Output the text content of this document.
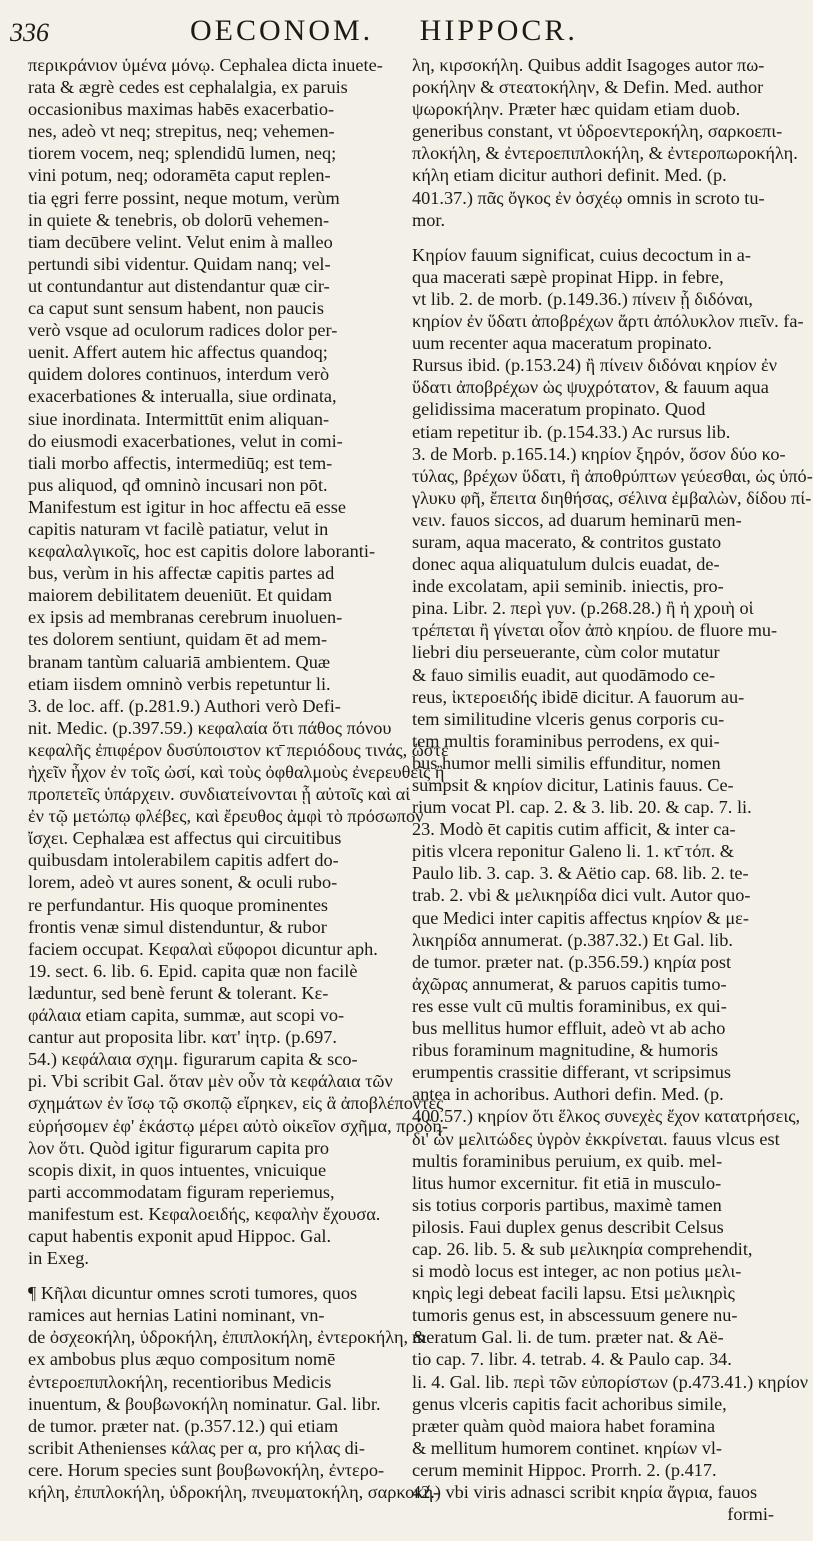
336	OECONOM. HIPPOCR.
περικράνιον ὑμένα μόνῳ. Cephalea dicta inuete-
rata & ægrè cedes est cephalalgia, ex paruis
occasionibus maximas habēs exacerbatio-
nes, adeò vt neq; strepitus, neq; vehemen-
tiorem vocem, neq; splendidū lumen, neq;
vini potum, neq; odoramēta caput replen-
tia ęgri ferre possint, neque motum, verùm
in quiete & tenebris, ob dolorū vehemen-
tiam decūbere velint. Velut enim à malleo
pertundi sibi videntur. Quidam nanq; vel-
ut contundantur aut distendantur quæ cir-
ca caput sunt sensum habent, non paucis
verò vsque ad oculorum radices dolor per-
uenit. Affert autem hic affectus quandoq;
quidem dolores continuos, interdum verò
exacerbationes & interualla, siue ordinata,
siue inordinata. Intermittūt enim aliquan-
do eiusmodi exacerbationes, velut in comi-
tiali morbo affectis, intermediūq; est tem-
pus aliquod, qđ omninò incusari non pōt.
Manifestum est igitur in hoc affectu eā esse
capitis naturam vt facilè patiatur, velut in
κεφαλαλγικοῖς, hoc est capitis dolore laboranti-
bus, verùm in his affectæ capitis partes ad
maiorem debilitatem deueniūt. Et quidam
ex ipsis ad membranas cerebrum inuoluen-
tes dolorem sentiunt, quidam ēt ad mem-
branam tantùm caluariā ambientem. Quæ
etiam iisdem omninò verbis repetuntur li.
3. de loc. aff. (p.281.9.) Authori verò Defi-
nit. Medic. (p.397.59.) κεφαλαία ὅτι πάθος πόνου
κεφαλῆς ἐπιφέρον δυσύποιστον κτ̄ περιόδους τινάς, ὥστε
ἠχεῖν ἦχον ἐν τοῖς ὠσί, καὶ τοὺς ὀφθαλμοὺς ἐνερευθεῖς ἢ
προπετεῖς ὑπάρχειν. συνδιατείνονται ᾗ αὐτοῖς καὶ αἱ
ἐν τῷ μετώπῳ φλέβες, καὶ ἔρευθος ἀμφὶ τὸ πρόσωπον
ἴσχει. Cephalæa est affectus qui circuitibus
quibusdam intolerabilem capitis adfert do-
lorem, adeò vt aures sonent, & oculi rubo-
re perfundantur. His quoque prominentes
frontis venæ simul distenduntur, & rubor
faciem occupat. Κεφαλαὶ εὔφοροι dicuntur aph.
19. sect. 6. lib. 6. Epid. capita quæ non facilè
læduntur, sed benè ferunt & tolerant. Κε-
φάλαια etiam capita, summæ, aut scopi vo-
cantur aut proposita libr. κατ' ἰητρ. (p.697.
54.) κεφάλαια σχημ. figurarum capita & sco-
pi. Vbi scribit Gal. ὅταν μὲν οὖν τὰ κεφάλαια τῶν
σχημάτων ἐν ἴσῳ τῷ σκοπῷ εἴρηκεν, εἰς ἃ ἀποβλέποντες
εὑρήσομεν ἐφ' ἑκάστῳ μέρει αὐτὸ οἰκεῖον σχῆμα, πρόδη-
λον ὅτι. Quòd igitur figurarum capita pro
scopis dixit, in quos intuentes, vnicuique
parti accommodatam figuram reperiemus,
manifestum est. Κεφαλοειδής, κεφαλὴν ἔχουσα.
caput habentis exponit apud Hippoc. Gal.
in Exeg.
¶ Κῆλαι dicuntur omnes scroti tumores, quos
ramices aut hernias Latini nominant, vn-
de ὀσχεοκήλη, ὑδροκήλη, ἐπιπλοκήλη, ἐντεροκήλη, &
ex ambobus plus æquo compositum nomē
ἐντεροεπιπλοκήλη, recentioribus Medicis
inuentum, & βουβωνοκήλη nominatur. Gal. libr.
de tumor. præter nat. (p.357.12.) qui etiam
scribit Athenienses κάλας per α, pro κήλας di-
cere. Horum species sunt βουβωνοκήλη, ἐντερο-
κήλη, ἐπιπλοκήλη, ὑδροκήλη, πνευματοκήλη, σαρκοκή-
λη, κιρσοκήλη. Quibus addit Isagoges autor πω-
ροκήλην & στεατοκήλην, & Defin. Med. author
ψωροκήλην. Præter hæc quidam etiam duob.
generibus constant, vt ὑδροεντεροκήλη, σαρκοεπι-
πλοκήλη, & ἐντεροεπιπλοκήλη, & ἐντεροπωροκήλη.
κήλη etiam dicitur authori definit. Med. (p.
401.37.) πᾶς ὄγκος ἐν ὀσχέῳ omnis in scroto tu-
mor.
Κηρίον fauum significat, cuius decoctum in a-
qua macerati sæpè propinat Hipp. in febre,
vt lib. 2. de morb. (p.149.36.) πίνειν ᾗ διδόναι,
κηρίον ἐν ὕδατι ἀποβρέχων ἄρτι ἀπόλυκλον πιεῖν. fa-
uum recenter aqua maceratum propinato.
Rursus ibid. (p.153.24) ἢ πίνειν διδόναι κηρίον ἐν
ὕδατι ἀποβρέχων ὡς ψυχρότατον, & fauum aqua
gelidissima maceratum propinato. Quod
etiam repetitur ib. (p.154.33.) Ac rursus lib.
3. de Morb. p.165.14.) κηρίον ξηρόν, ὅσον δύο κο-
τύλας, βρέχων ὕδατι, ἢ ἀποθρύπτων γεύεσθαι, ὡς ὑπό-
γλυκυ φῆ, ἔπειτα διηθήσας, σέλινα ἐμβαλὼν, δίδου πί-
νειν. fauos siccos, ad duarum heminarū men-
suram, aqua macerato, & contritos gustato
donec aqua aliquatulum dulcis euadat, de-
inde excolatam, apii seminib. iniectis, pro-
pina. Libr. 2. περὶ γυν. (p.268.28.) ἢ ἡ χροιὴ οἱ
τρέπεται ἢ γίνεται οἷον ἀπὸ κηρίου. de fluore mu-
liebri diu perseuerante, cùm color mutatur
& fauo similis euadit, aut quodāmodo ce-
reus, ἰκτεροειδής ibidē dicitur. A fauorum au-
tem similitudine vlceris genus corporis cu-
tem multis foraminibus perrodens, ex qui-
bus humor melli similis effunditur, nomen
sumpsit & κηρίον dicitur, Latinis fauus. Ce-
rium vocat Pl. cap. 2. & 3. lib. 20. & cap. 7. li.
23. Modò ēt capitis cutim afficit, & inter ca-
pitis vlcera reponitur Galeno li. 1. κτ̄ τόπ. &
Paulo lib. 3. cap. 3. & Aëtio cap. 68. lib. 2. te-
trab. 2. vbi & μελικηρίδα dici vult. Autor quo-
que Medici inter capitis affectus κηρίον & με-
λικηρίδα annumerat. (p.387.32.) Et Gal. lib.
de tumor. præter nat. (p.356.59.) κηρία post
ἀχῶρας annumerat, & paruos capitis tumo-
res esse vult cū multis foraminibus, ex qui-
bus mellitus humor effluit, adeò vt ab acho
ribus foraminum magnitudine, & humoris
erumpentis crassitie differant, vt scripsimus
antea in achoribus. Authori defin. Med. (p.
400.57.) κηρίον ὅτι ἕλκος συνεχὲς ἔχον κατατρήσεις,
δι' ὧν μελιτώδες ὑγρὸν ἐκκρίνεται. fauus vlcus est
multis foraminibus peruium, ex quib. mel-
litus humor excernitur. fit etiā in musculo-
sis totius corporis partibus, maximè tamen
pilosis. Faui duplex genus describit Celsus
cap. 26. lib. 5. & sub μελικηρία comprehendit,
si modò locus est integer, ac non potius μελι-
κηρὶς legi debeat facili lapsu. Etsi μελικηρὶς
tumoris genus est, in abscessuum genere nu-
meratum Gal. li. de tum. præter nat. & Aë-
tio cap. 7. libr. 4. tetrab. 4. & Paulo cap. 34.
li. 4. Gal. lib. περὶ τῶν εὐπορίστων (p.473.41.) κηρίον
genus vlceris capitis facit achoribus simile,
præter quàm quòd maiora habet foramina
& mellitum humorem continet. κηρίων vl-
cerum meminit Hippoc. Prorrh. 2. (p.417.
42.) vbi viris adnasci scribit κηρία ἄγρια, fauos
formi-
